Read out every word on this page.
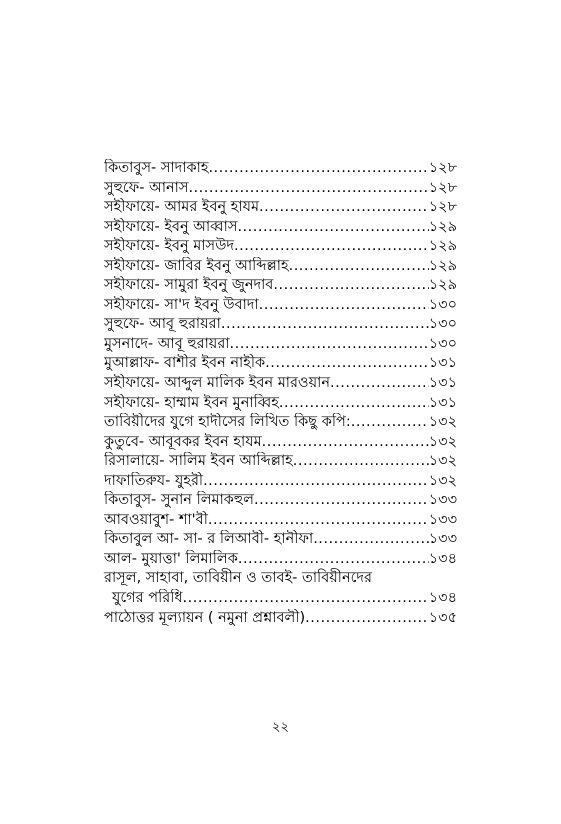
কিতাবুস- সাদাকাহ .....	১২৮
সুহুফে- আনাস .....	১২৮
সহীফায়ে- আমর ইবনু হাযম .....	১২৮
সহীফায়ে- ইবনু আব্বাস .....	১২৯
সহীফায়ে- ইবনু মাসউদ .....	১২৯
সহীফায়ে- জাবির ইবনু আব্দিল্লাহ .....	১২৯
সহীফায়ে- সামুরা ইবনু জুনদাব .....	১২৯
সহীফায়ে- সা'দ ইবনু উবাদা .....	১৩০
সুহুফে- আবূ হুরায়রা .....	১৩০
মুসনাদে- আবূ হুরায়রা .....	১৩০
মুআল্লাফ- বাশীর ইবন নাহীক .....	১৩১
সহীফায়ে- আব্দুল মালিক ইবন মারওয়ান .....	১৩১
সহীফায়ে- হাম্মাম ইবন মুনাব্বিহ .....	১৩১
তাবিয়ীদের যুগে হাদীসের লিখিত কিছু কপি: .....	১৩২
কুতুবে- আবূবকর ইবন হাযম .....	১৩২
রিসালায়ে- সালিম ইবন আব্দিল্লাহ .....	১৩২
দাফাতিরুয- যুহরী .....	১৩২
কিতাবুস- সুনান লিমাকহুল .....	১৩৩
আবওয়াবুশ- শা'বী .....	১৩৩
কিতাবুল আ- সা- র লিআবী- হানীফা .....	১৩৩
আল- মুয়াত্তা' লিমালিক .....	১৩৪
রাসূল, সাহাবা, তাবিয়ীন ও তাবই- তাবিয়ীনদের
যুগের পরিধি .....	১৩৪
পাঠোত্তর মূল্যায়ন ( নমুনা প্রশ্নাবলী) .....	১৩৫
২২
